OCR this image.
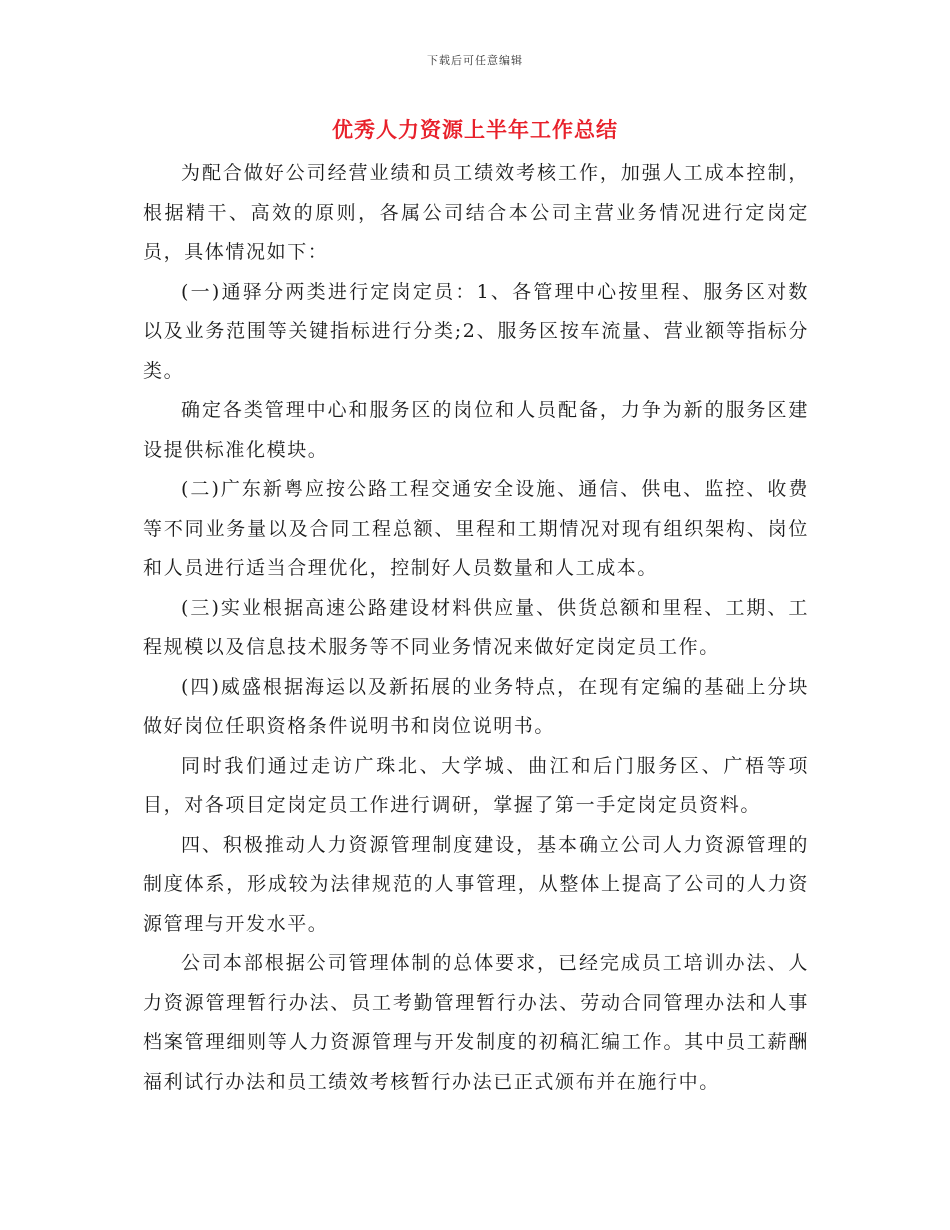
下载后可任意编辑
优秀人力资源上半年工作总结

为配合做好公司经营业绩和员工绩效考核工作，加强人工成本控制，根据精干、高效的原则，各属公司结合本公司主营业务情况进行定岗定员，具体情况如下：

(一)通驿分两类进行定岗定员：1、各管理中心按里程、服务区对数以及业务范围等关键指标进行分类;2、服务区按车流量、营业额等指标分类。

确定各类管理中心和服务区的岗位和人员配备，力争为新的服务区建设提供标准化模块。

(二)广东新粤应按公路工程交通安全设施、通信、供电、监控、收费等不同业务量以及合同工程总额、里程和工期情况对现有组织架构、岗位和人员进行适当合理优化，控制好人员数量和人工成本。

(三)实业根据高速公路建设材料供应量、供货总额和里程、工期、工程规模以及信息技术服务等不同业务情况来做好定岗定员工作。

(四)威盛根据海运以及新拓展的业务特点，在现有定编的基础上分块做好岗位任职资格条件说明书和岗位说明书。

同时我们通过走访广珠北、大学城、曲江和后门服务区、广梧等项目，对各项目定岗定员工作进行调研，掌握了第一手定岗定员资料。

四、积极推动人力资源管理制度建设，基本确立公司人力资源管理的制度体系，形成较为法律规范的人事管理，从整体上提高了公司的人力资源管理与开发水平。

公司本部根据公司管理体制的总体要求，已经完成员工培训办法、人力资源管理暂行办法、员工考勤管理暂行办法、劳动合同管理办法和人事档案管理细则等人力资源管理与开发制度的初稿汇编工作。其中员工薪酬福利试行办法和员工绩效考核暂行办法已正式颁布并在施行中。
